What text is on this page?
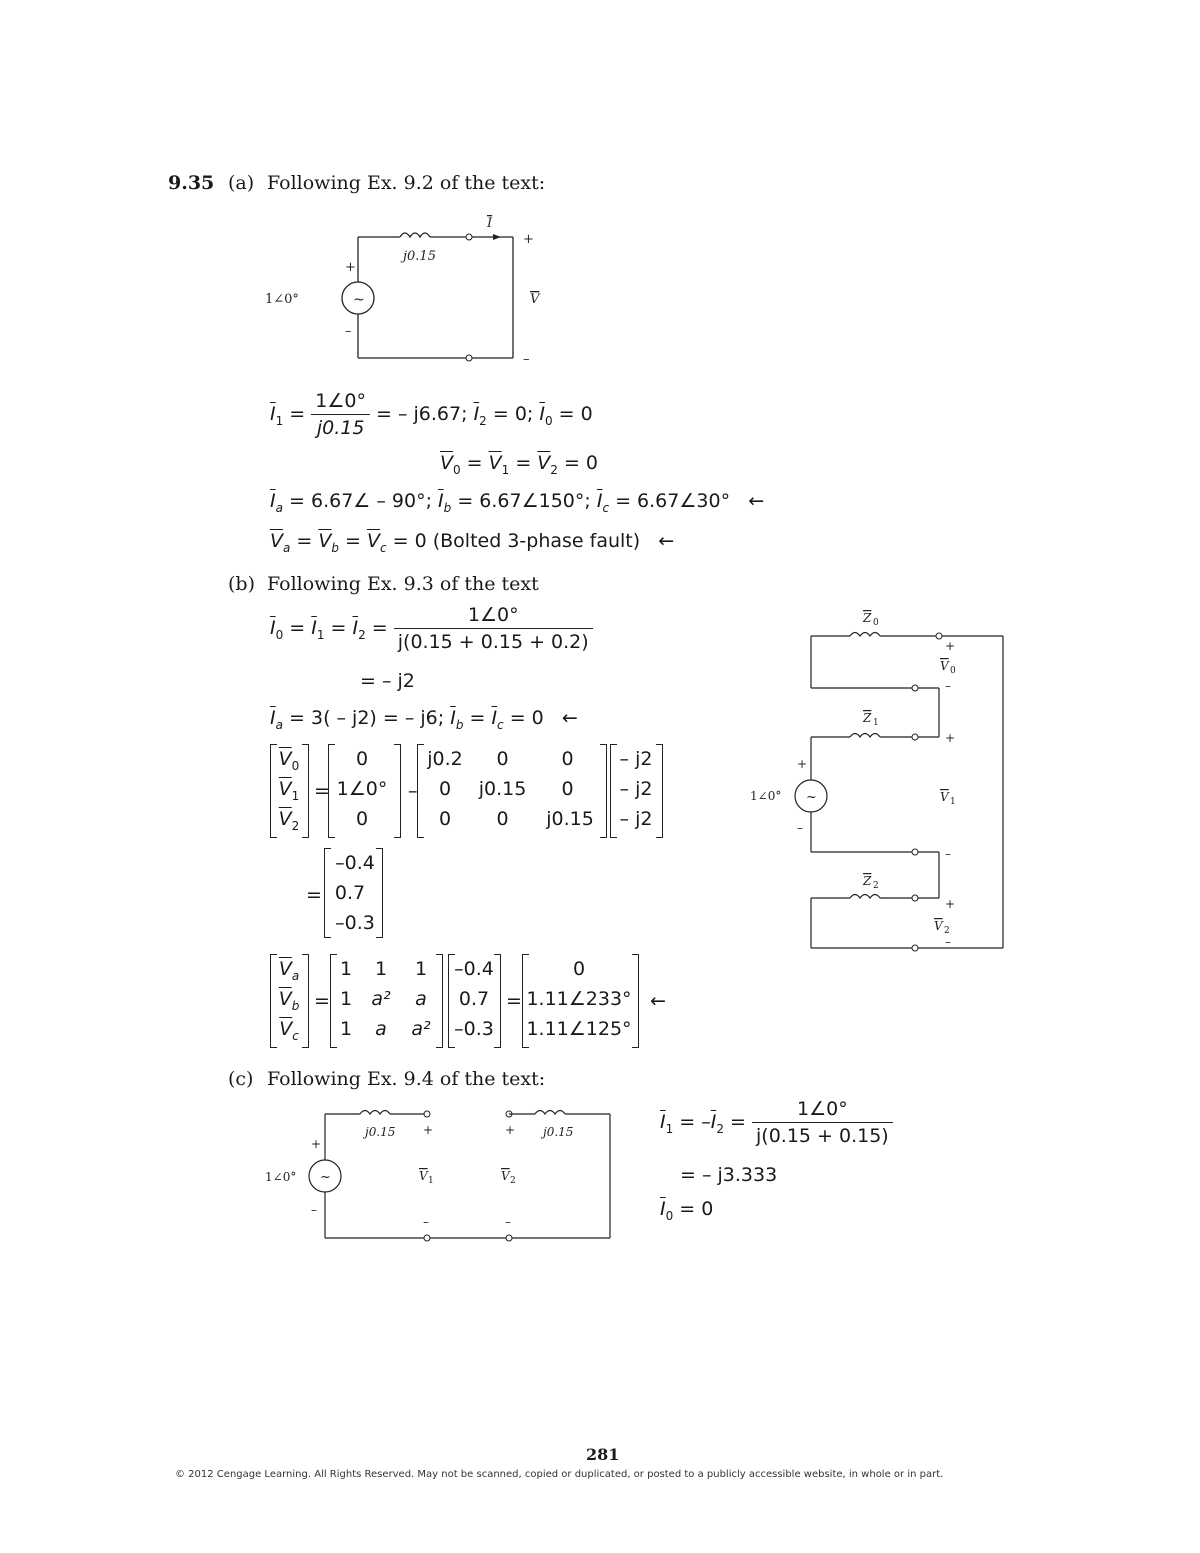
9.35 (a) Following Ex. 9.2 of the text:
~
j0.15
+
–
+
–
I
1∠0°	V
$\overline{I}_1 = \frac{1\angle 0^\circ}{j0.15}$ = – j6.67; $\overline{I}_2 = 0$; $\overline{I}_0 = 0$
$\overline{V}_0 = \overline{V}_1 = \overline{V}_2 = 0$
$\overline{I}_a$ = 6.67∠ – 90°; $\overline{I}_b$ = 6.67∠150°; $\overline{I}_c$ = 6.67∠30° ←
$\overline{V}_a = \overline{V}_b = \overline{V}_c = 0$ (Bolted 3-phase fault) ←
(b) Following Ex. 9.3 of the text
$\overline{I}_0 = \overline{I}_1 = \overline{I}_2 = \frac{1\angle 0^\circ}{j(0.15 + 0.15 + 0.2)}$
= – j2
$\overline{I}_a = 3( - j2)$ = – j6; $\overline{I}_b = \overline{I}_c = 0$ ←
$\overline{V}_0$
$\overline{V}_1$
$\overline{V}_2$
=
0
1∠0°
0
–
j0.2	0	0
0	j0.15	0
0	0	j0.15
– j2
– j2
– j2
=
–0.4
0.7
–0.3
$\overline{V}_a$
$\overline{V}_b$
$\overline{V}_c$
=
1	1	1
1 a²	a
1	a	a²
–0.4
0.7
–0.3
=
0
1.11∠233°
1.11∠125°
←
~
Z 0
Z 1
Z 2
+
V 0
–
+
V 1
–
+
V 2
–
+
–
1∠0°
(c) Following Ex. 9.4 of the text:
~
j0.15	j0.15
+	+
V 1	V 2
–	–
+
–
1∠0°
$\overline{I}_1 = -\overline{I}_2 = \frac{1\angle 0^\circ}{j(0.15 + 0.15)}$
= – j3.333
$\overline{I}_0 = 0$
281
© 2012 Cengage Learning. All Rights Reserved. May not be scanned, copied or duplicated, or posted to a publicly accessible website, in whole or in part.
